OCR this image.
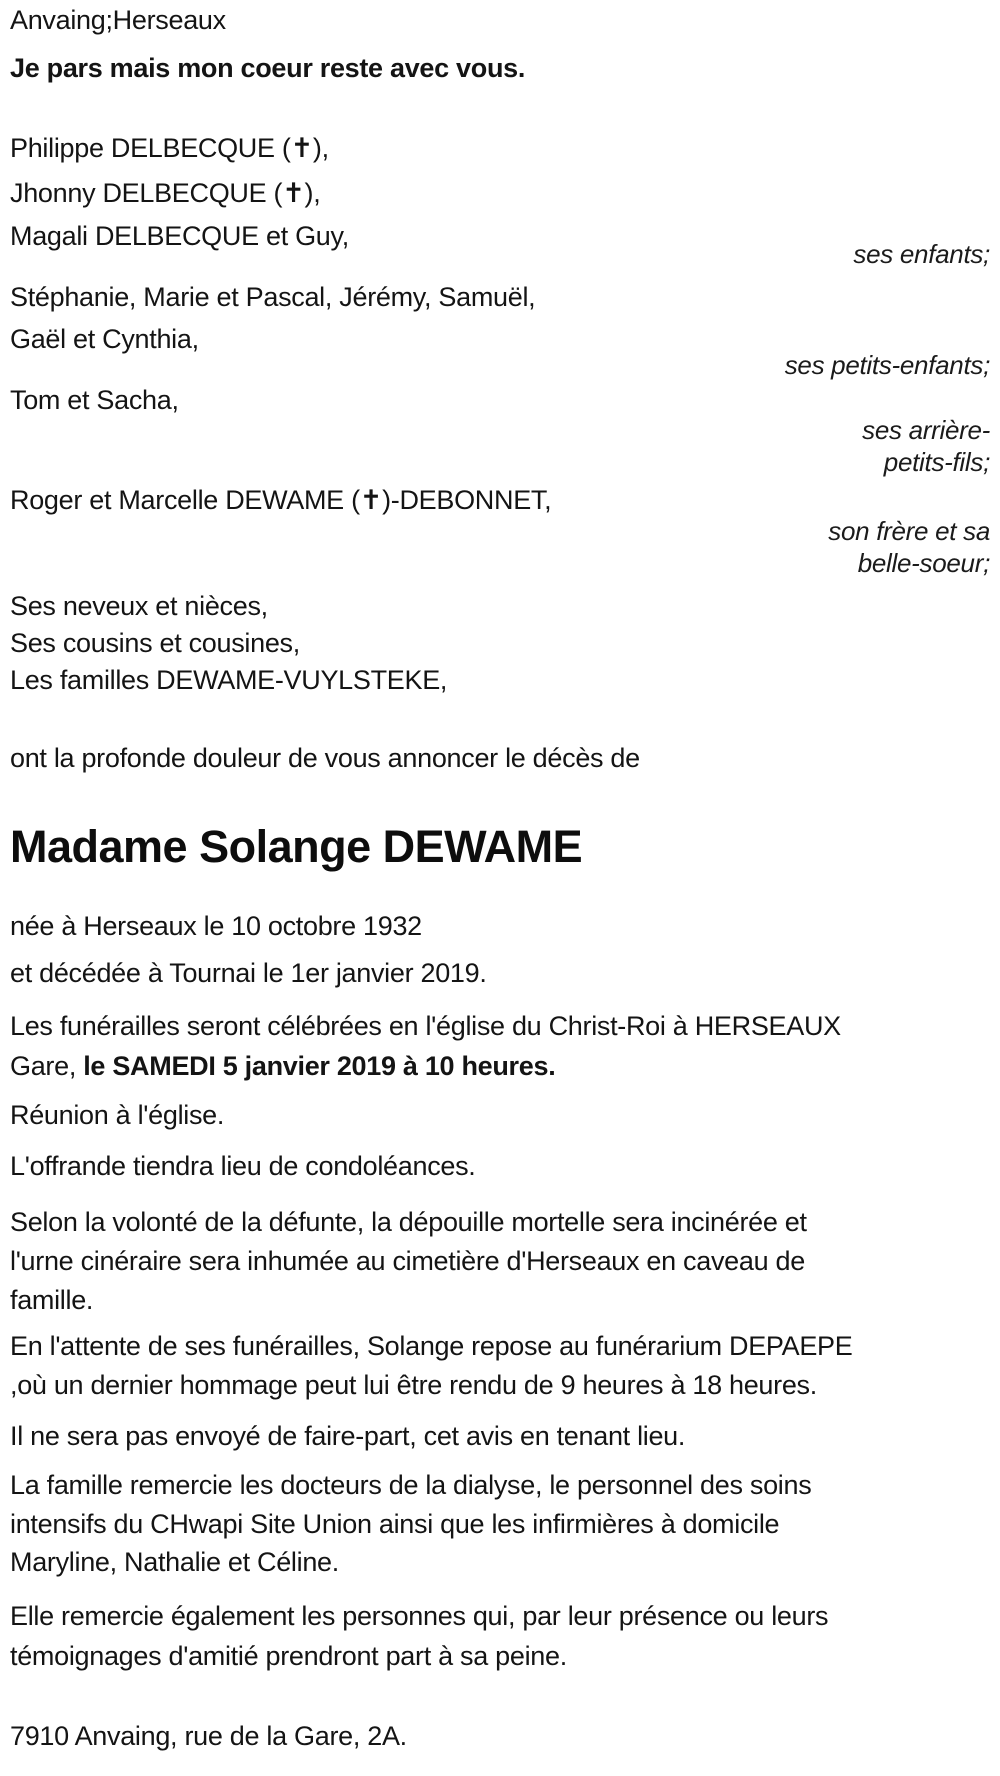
Anvaing;Herseaux
Je pars mais mon coeur reste avec vous.
Philippe DELBECQUE (✝),
Jhonny DELBECQUE (✝),
Magali DELBECQUE et Guy,
ses enfants;
Stéphanie, Marie et Pascal, Jérémy, Samuël,
Gaël et Cynthia,
ses petits-enfants;
Tom et Sacha,
ses arrière-
petits-fils;
Roger et Marcelle DEWAME (✝)-DEBONNET,
son frère et sa
belle-soeur;
Ses neveux et nièces,
Ses cousins et cousines,
Les familles DEWAME-VUYLSTEKE,
ont la profonde douleur de vous annoncer le décès de
Madame Solange DEWAME
née à Herseaux le 10 octobre 1932
et décédée à Tournai le 1er janvier 2019.
Les funérailles seront célébrées en l'église du Christ-Roi à HERSEAUX
Gare, le SAMEDI 5 janvier 2019 à 10 heures.
Réunion à l'église.
L'offrande tiendra lieu de condoléances.
Selon la volonté de la défunte, la dépouille mortelle sera incinérée et
l'urne cinéraire sera inhumée au cimetière d'Herseaux en caveau de
famille.
En l'attente de ses funérailles, Solange repose au funérarium DEPAEPE
,où un dernier hommage peut lui être rendu de 9 heures à 18 heures.
Il ne sera pas envoyé de faire-part, cet avis en tenant lieu.
La famille remercie les docteurs de la dialyse, le personnel des soins
intensifs du CHwapi Site Union ainsi que les infirmières à domicile
Maryline, Nathalie et Céline.
Elle remercie également les personnes qui, par leur présence ou leurs
témoignages d'amitié prendront part à sa peine.
7910 Anvaing, rue de la Gare, 2A.
